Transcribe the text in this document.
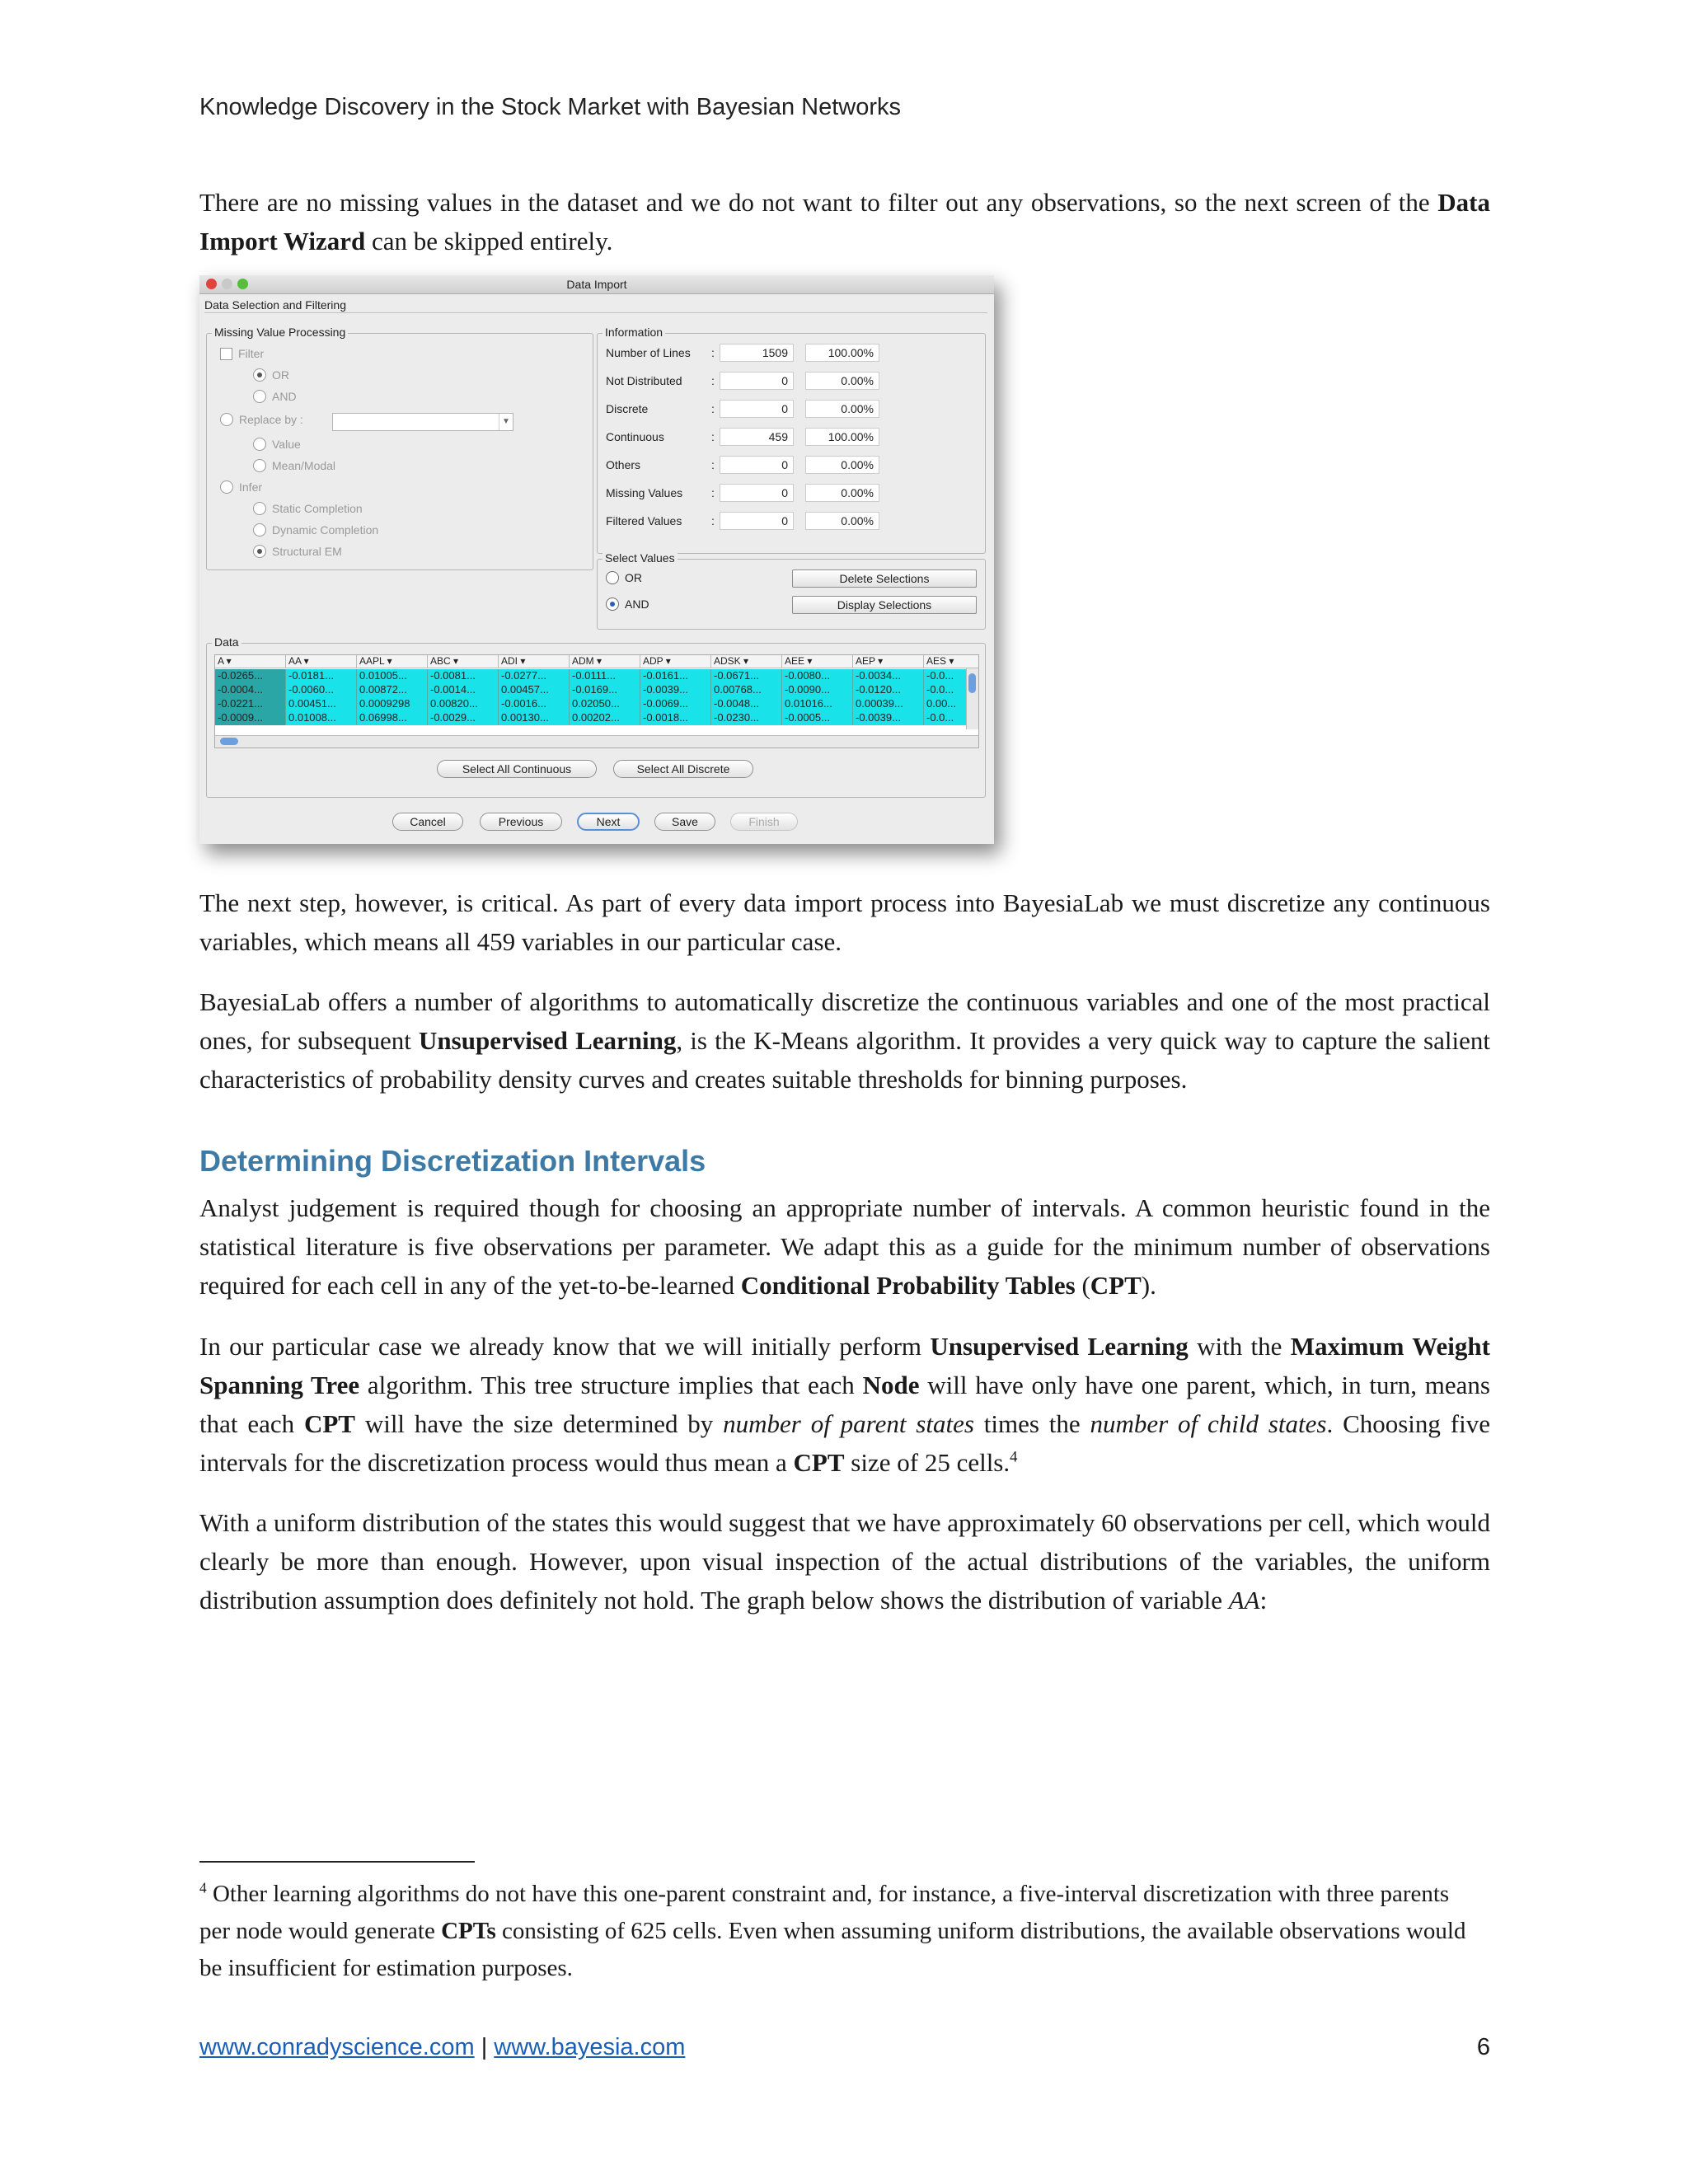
Knowledge Discovery in the Stock Market with Bayesian Networks

There are no missing values in the dataset and we do not want to filter out any observations, so the next screen of the Data Import Wizard can be skipped entirely.

Data Import
Data Selection and Filtering
Missing Value Processing
Filter
OR
AND
Replace by :	▼
Value
Mean/Modal
Infer
Static Completion
Dynamic Completion
Structural EM
Information
Number of Lines :	1509	100.00%
Not Distributed	:	0	0.00%
Discrete	:	0	0.00%
Continuous	:	459	100.00%
Others	:	0	0.00%
Missing Values :	0	0.00%
Filtered Values	:	0	0.00%
Select Values
OR
AND
Delete Selections
Display Selections
Data
A ▾	AA ▾	AAPL ▾	ABC ▾	ADI ▾	ADM ▾	ADP ▾	ADSK ▾	AEE ▾	AEP ▾	AES ▾
-0.0265...	-0.0181...	0.01005...	-0.0081...	-0.0277...	-0.0111...	-0.0161...	-0.0671...	-0.0080...	-0.0034...	-0.0...
-0.0004...	-0.0060...	0.00872...	-0.0014...	0.00457...	-0.0169...	-0.0039...	0.00768...	-0.0090...	-0.0120...	-0.0...
-0.0221...	0.00451...	0.0009298	0.00820...	-0.0016...	0.02050...	-0.0069...	-0.0048...	0.01016...	0.00039...	0.00...
-0.0009...	0.01008...	0.06998...	-0.0029...	0.00130...	0.00202...	-0.0018...	-0.0230...	-0.0005...	-0.0039...	-0.0...
Select All Continuous	Select All Discrete
Cancel	Previous	Next	Save	Finish

The next step, however, is critical. As part of every data import process into BayesiaLab we must discretize any continuous variables, which means all 459 variables in our particular case.

BayesiaLab offers a number of algorithms to automatically discretize the continuous variables and one of the most practical ones, for subsequent Unsupervised Learning, is the K-Means algorithm. It provides a very quick way to capture the salient characteristics of probability density curves and creates suitable thresholds for binning purposes.

Determining Discretization Intervals

Analyst judgement is required though for choosing an appropriate number of intervals. A common heuristic found in the statistical literature is five observations per parameter. We adapt this as a guide for the minimum number of observations required for each cell in any of the yet-to-be-learned Conditional Probability Tables (CPT).

In our particular case we already know that we will initially perform Unsupervised Learning with the Maximum Weight Spanning Tree algorithm. This tree structure implies that each Node will have only have one parent, which, in turn, means that each CPT will have the size determined by number of parent states times the number of child states. Choosing five intervals for the discretization process would thus mean a CPT size of 25 cells.$^4$

With a uniform distribution of the states this would suggest that we have approximately 60 observations per cell, which would clearly be more than enough. However, upon visual inspection of the actual distributions of the variables, the uniform distribution assumption does definitely not hold. The graph below shows the distribution of variable AA:

$^4$ Other learning algorithms do not have this one-parent constraint and, for instance, a five-interval discretization with three parents per node would generate CPTs consisting of 625 cells. Even when assuming uniform distributions, the available observations would be insufficient for estimation purposes.

www.conradyscience.com | www.bayesia.com	6
